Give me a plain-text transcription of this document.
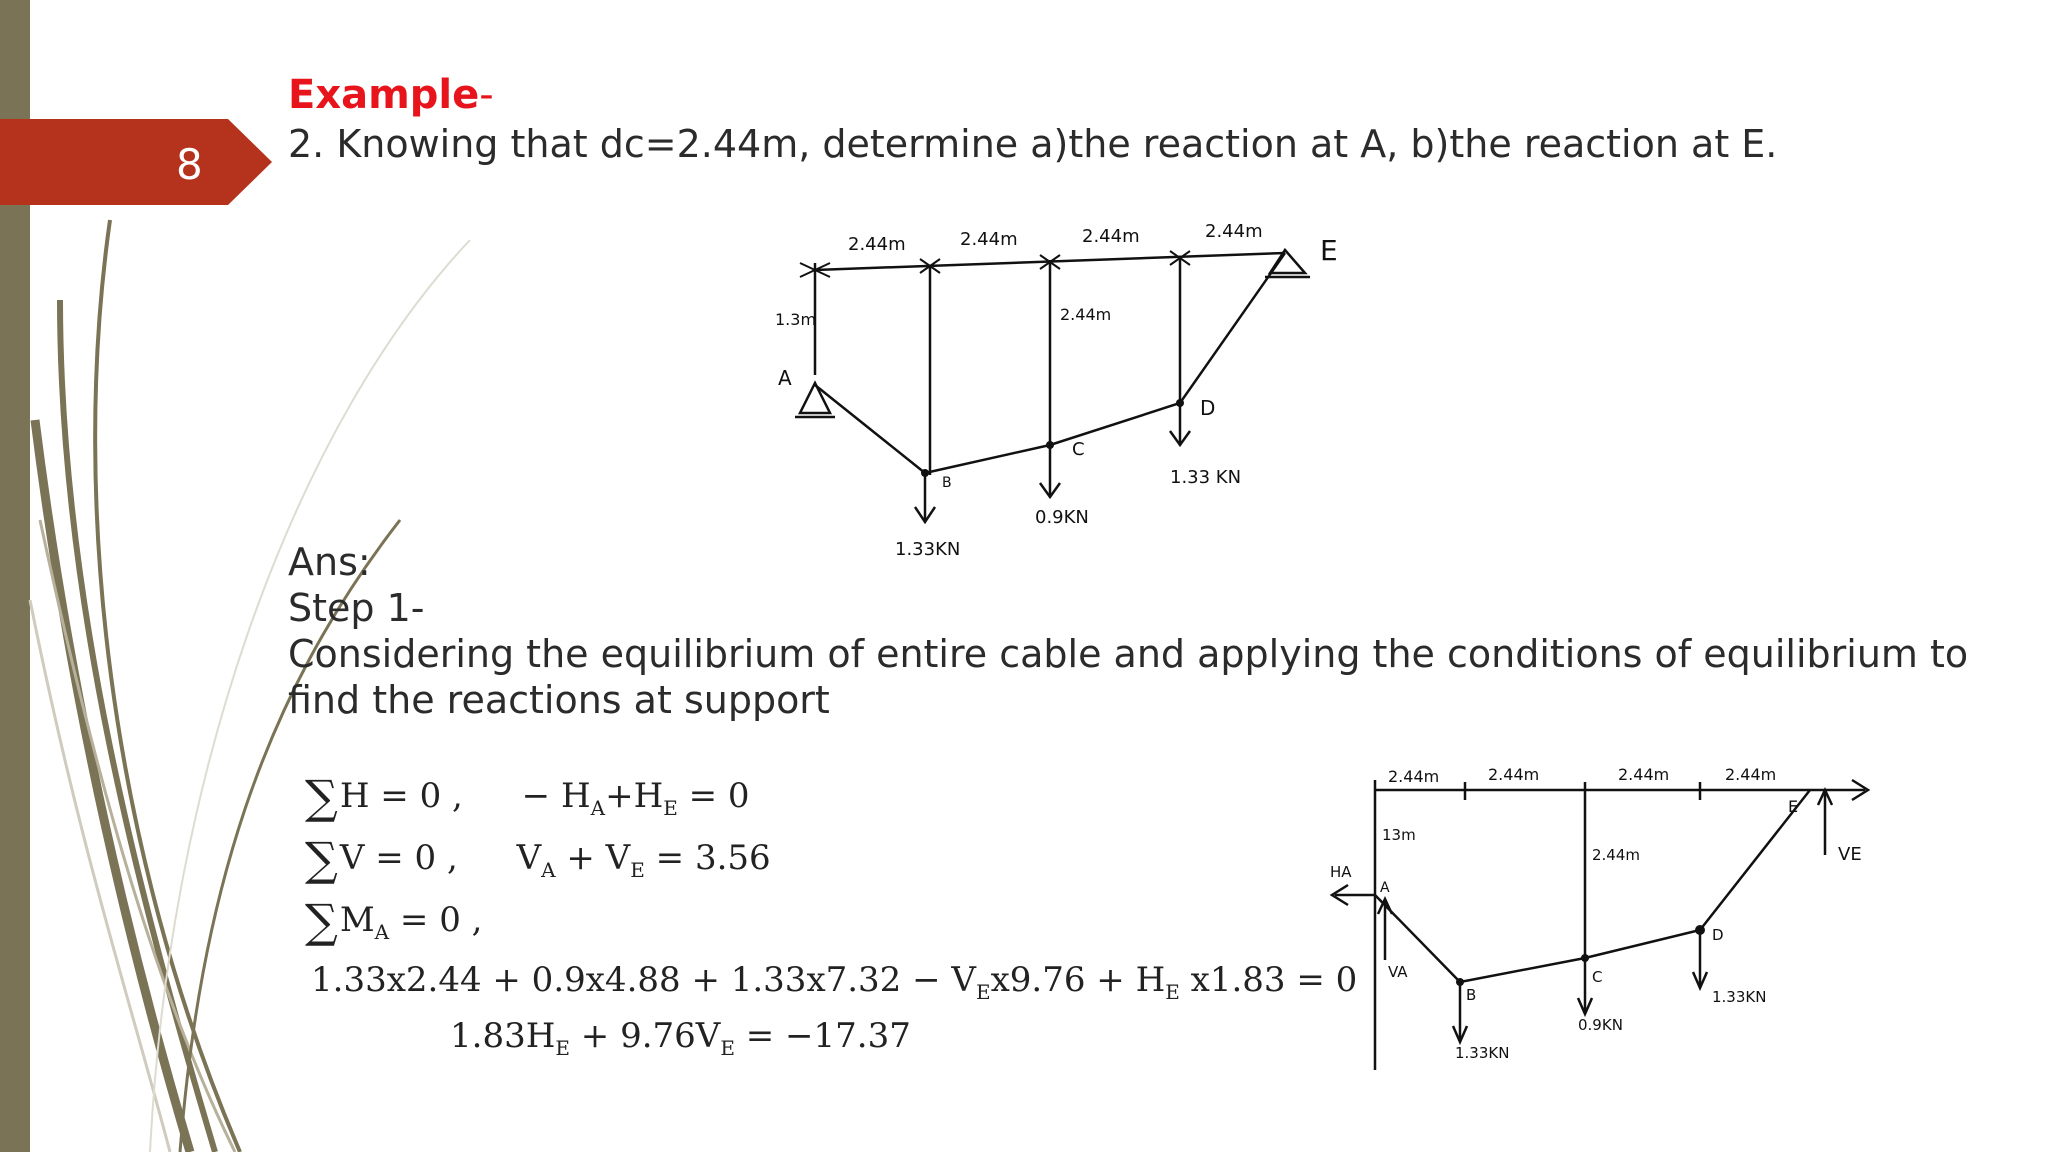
8
Example-
2. Knowing that dc=2.44m, determine a)the reaction at A, b)the reaction at E.
2.44m	2.44m	2.44m	2.44m
1.3m	2.44m
A
B
C
D
E
1.33KN
0.9KN
1.33 KN
Ans:
Step 1-
Considering the equilibrium of entire cable and applying the conditions of equilibrium to
find the reactions at support
∑H = 0 , − $H_A+H_E = 0$
∑V = 0 , $V_A + V_E = 3.56$
$\sum M_A = 0$ ,
$1.33x2.44 + 0.9x4.88 + 1.33x7.32 - V_Ex9.76 + H_E$ x1.83 = 0
$1.83H_E + 9.76V_E = -17.37$
2.44m	2.44m	2.44m	2.44m
13m
2.44m
A
B
C
D
E
HA
VA
VE
1.33KN
0.9KN
1.33KN
